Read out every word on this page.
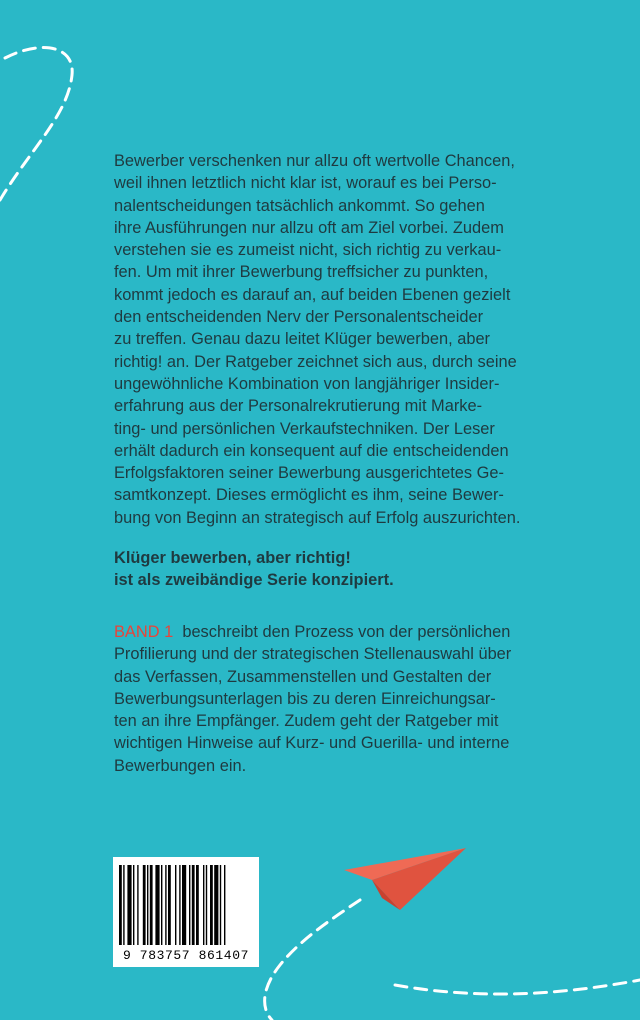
Bewerber verschenken nur allzu oft wertvolle Chancen,
weil ihnen letztlich nicht klar ist, worauf es bei Perso-
nalentscheidungen tatsächlich ankommt. So gehen
ihre Ausführungen nur allzu oft am Ziel vorbei. Zudem
verstehen sie es zumeist nicht, sich richtig zu verkau-
fen. Um mit ihrer Bewerbung treffsicher zu punkten,
kommt jedoch es darauf an, auf beiden Ebenen gezielt
den entscheidenden Nerv der Personalentscheider
zu treffen. Genau dazu leitet Klüger bewerben, aber
richtig! an. Der Ratgeber zeichnet sich aus, durch seine
ungewöhnliche Kombination von langjähriger Insider-
erfahrung aus der Personalrekrutierung mit Marke-
ting- und persönlichen Verkaufstechniken. Der Leser
erhält dadurch ein konsequent auf die entscheidenden
Erfolgsfaktoren seiner Bewerbung ausgerichtetes Ge-
samtkonzept. Dieses ermöglicht es ihm, seine Bewer-
bung von Beginn an strategisch auf Erfolg auszurichten.
Klüger bewerben, aber richtig!
ist als zweibändige Serie konzipiert.
BAND 1 beschreibt den Prozess von der persönlichen
Profilierung und der strategischen Stellenauswahl über
das Verfassen, Zusammenstellen und Gestalten der
Bewerbungsunterlagen bis zu deren Einreichungsar-
ten an ihre Empfänger. Zudem geht der Ratgeber mit
wichtigen Hinweise auf Kurz- und Guerilla- und interne
Bewerbungen ein.
9 783757 861407
